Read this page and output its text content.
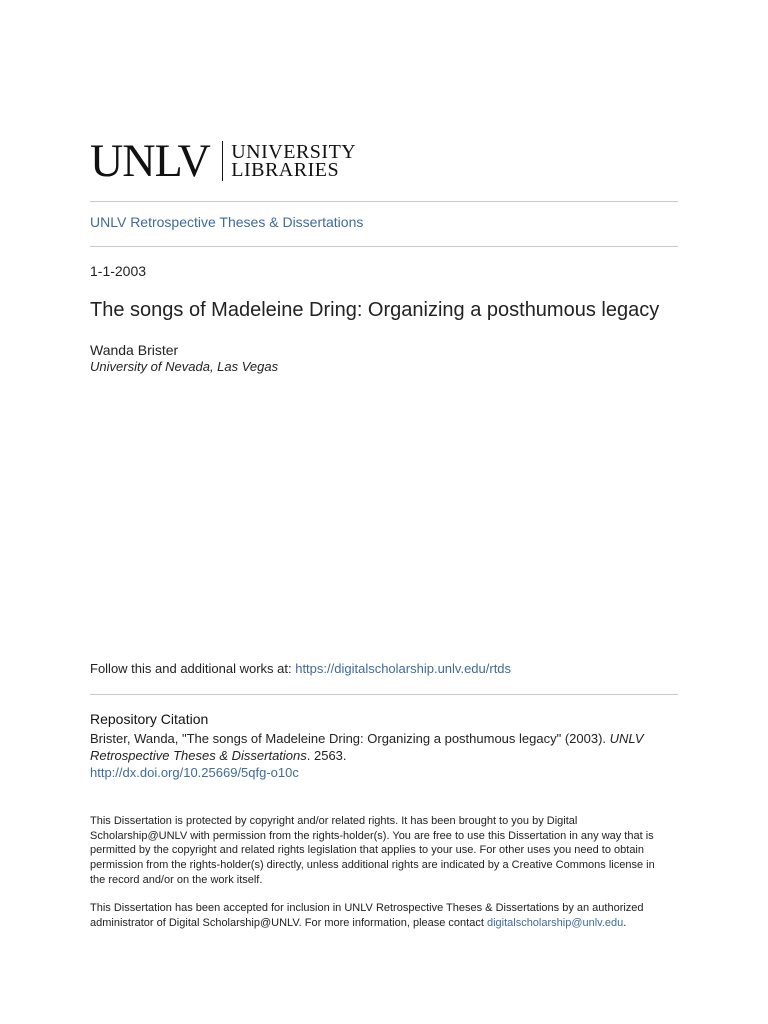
UNLV UNIVERSITY
LIBRARIES
UNLV Retrospective Theses & Dissertations
1-1-2003
The songs of Madeleine Dring: Organizing a posthumous legacy
Wanda Brister
University of Nevada, Las Vegas
Follow this and additional works at: https://digitalscholarship.unlv.edu/rtds
Repository Citation
Brister, Wanda, "The songs of Madeleine Dring: Organizing a posthumous legacy" (2003). UNLV
Retrospective Theses & Dissertations. 2563.
http://dx.doi.org/10.25669/5qfg-o10c
This Dissertation is protected by copyright and/or related rights. It has been brought to you by Digital Scholarship@UNLV with permission from the rights-holder(s). You are free to use this Dissertation in any way that is permitted by the copyright and related rights legislation that applies to your use. For other uses you need to obtain permission from the rights-holder(s) directly, unless additional rights are indicated by a Creative Commons license in the record and/or on the work itself.
This Dissertation has been accepted for inclusion in UNLV Retrospective Theses & Dissertations by an authorized administrator of Digital Scholarship@UNLV. For more information, please contact digitalscholarship@unlv.edu.
